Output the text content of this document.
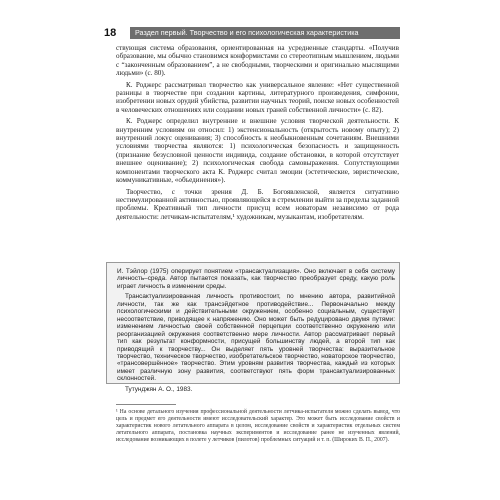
18	Раздел первый. Творчество и его психологическая характеристика

ствующая система образования, ориентированная на усредненные стандарты. «Получив образование, мы обычно становимся конформистами со стереотипным мышлением, людьми с “законченным образованием”, а не свободными, творческими и оригинально мыслящими людьми» (с. 80).

К. Роджерс рассматривал творчество как универсальное явление: «Нет существенной разницы в творчестве при создании картины, литературного произведения, симфонии, изобретении новых орудий убийства, развитии научных теорий, поиске новых особенностей в человеческих отношениях или создании новых граней собственной личности» (с. 82).

К. Роджерс определил внутренние и внешние условия творческой деятельности. К внутренним условиям он относил: 1) экстенсиональность (открытость новому опыту); 2) внутренний локус оценивания; 3) способность к необыкновенным сочетаниям. Внешними условиями творчества являются: 1) психологическая безопасность и защищенность (признание безусловной ценности индивида, создание обстановки, в которой отсутствует внешнее оценивание); 2) психологическая свобода самовыражения. Сопутствующими компонентами творческого акта К. Роджерс считал эмоции (эстетические, эвристические, коммуникативные, «объединения»).

Творчество, с точки зрения Д. Б. Богоявленской, является ситуативно нестимулированной активностью, проявляющейся в стремлении выйти за пределы заданной проблемы. Креативный тип личности присущ всем новаторам независимо от рода деятельности: летчикам-испытателям,¹ художникам, музыкантам, изобретателям.

И. Тэйлор (1975) оперирует понятием «трансактуализация». Оно включает в себя систему личность–среда. Автор пытается показать, как творчество преобразует среду, какую роль играет личность в изменении среды.

Трансактуализированная личность противостоит, по мнению автора, развитийной личности, так же как трансэйдетное противодействие... Первоначально между психологическими и действительными окружением, особенно социальным, существует несоответствие, приводящее к напряжению. Оно может быть редуцировано двумя путями: изменением личностью своей собственной перцепции соответственно окружению или реорганизацией окружения соответственно мере личности. Автор рассматривает первый тип как результат конформности, присущей большинству людей, а второй тип как приводящий к творчеству... Он выделяет пять уровней творчества: выразительное творчество, техническое творчество, изобретательское творчество, новаторское творчество, «трансовершённое» творчество. Этим уровням развития творчества, каждый из которых имеет различную зону развития, соответствуют пять форм трансактуализированных склонностей.

Тутунджян А. О., 1983.

¹ На основе детального изучения профессиональной деятельности летчика-испытателя можно сделать вывод, что цель и предмет его деятельности имеют исследовательский характер. Это может быть исследование свойств и характеристик нового летательного аппарата в целом, исследование свойств и характеристик отдельных систем летательного аппарата, постановка научных экспериментов и исследование ранее не изученных явлений, исследование возникающих в полете у летчиков (пилотов) проблемных ситуаций и т. п. (Широких В. П., 2007).
